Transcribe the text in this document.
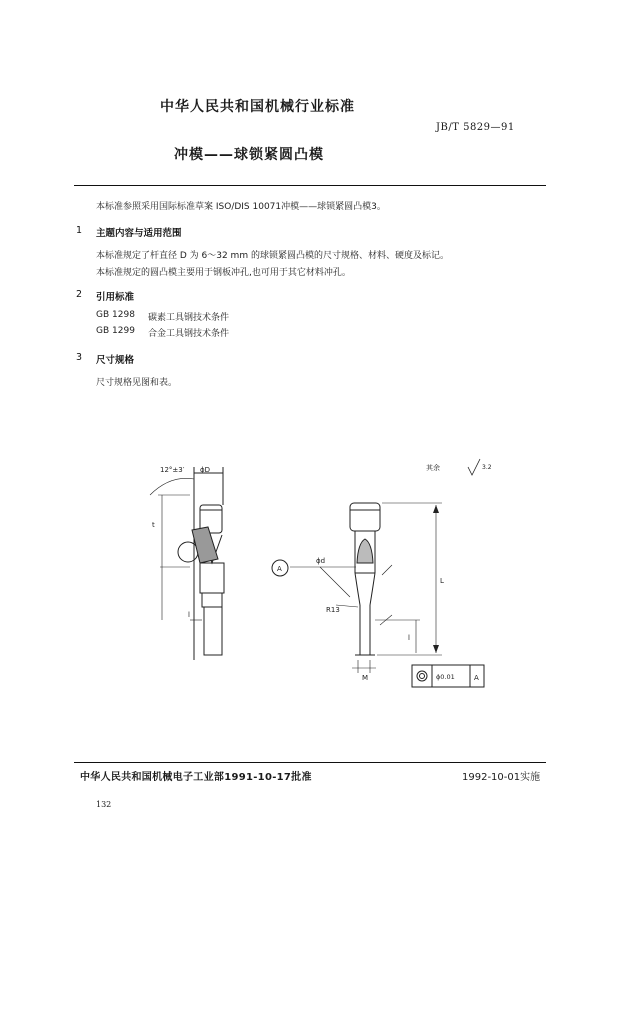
中华人民共和国机械行业标准
JB/T 5829—91
冲模——球锁紧圆凸模
本标准参照采用国际标准草案 ISO/DIS 10071冲模——球锁紧圆凸模3。
1 主题内容与适用范围
本标准规定了杆直径 D 为 6～32 mm 的球锁紧圆凸模的尺寸规格、材料、硬度及标记。
本标准规定的圆凸模主要用于钢板冲孔,也可用于其它材料冲孔。
2 引用标准
GB 1298 碳素工具钢技术条件
GB 1299 合金工具钢技术条件
3 尺寸规格
尺寸规格见图和表。
12°±3′ ϕD
t
l
其余	3.2
A
ϕd
R13
L
l
M	ϕ0.01	A
中华人民共和国机械电子工业部1991-10-17批准	1992-10-01实施
132
